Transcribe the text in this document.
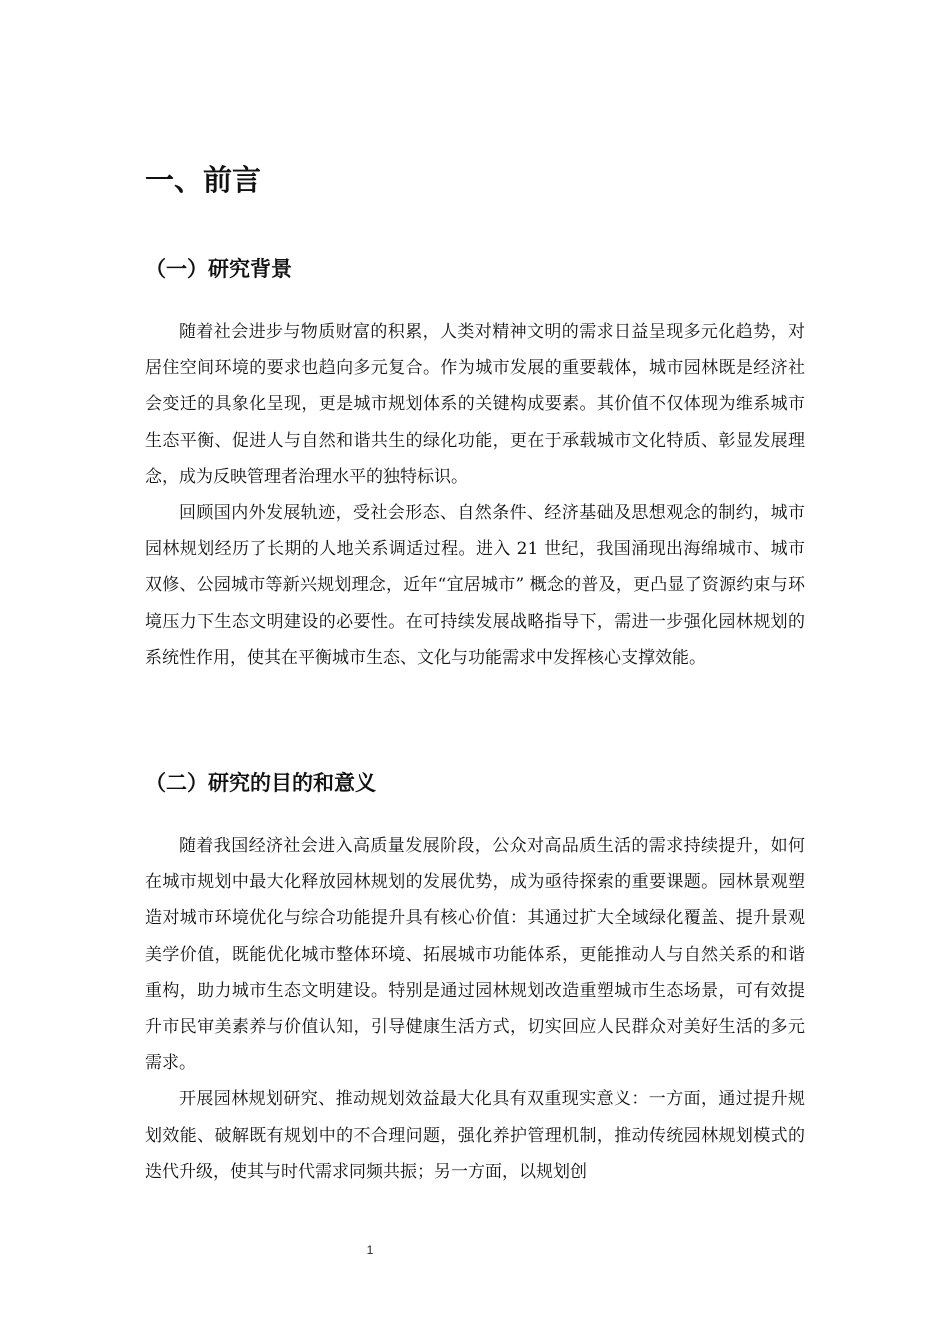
一、前言
（一）研究背景

随着社会进步与物质财富的积累，人类对精神文明的需求日益呈现多元化趋势，对居住空间环境的要求也趋向多元复合。作为城市发展的重要载体，城市园林既是经济社会变迁的具象化呈现，更是城市规划体系的关键构成要素。其价值不仅体现为维系城市生态平衡、促进人与自然和谐共生的绿化功能，更在于承载城市文化特质、彰显发展理念，成为反映管理者治理水平的独特标识。

回顾国内外发展轨迹，受社会形态、自然条件、经济基础及思想观念的制约，城市园林规划经历了长期的人地关系调适过程。进入 21 世纪，我国涌现出海绵城市、城市双修、公园城市等新兴规划理念，近年“宜居城市” 概念的普及，更凸显了资源约束与环境压力下生态文明建设的必要性。在可持续发展战略指导下，需进一步强化园林规划的系统性作用，使其在平衡城市生态、文化与功能需求中发挥核心支撑效能。

（二）研究的目的和意义

随着我国经济社会进入高质量发展阶段，公众对高品质生活的需求持续提升，如何在城市规划中最大化释放园林规划的发展优势，成为亟待探索的重要课题。园林景观塑造对城市环境优化与综合功能提升具有核心价值：其通过扩大全域绿化覆盖、提升景观美学价值，既能优化城市整体环境、拓展城市功能体系，更能推动人与自然关系的和谐重构，助力城市生态文明建设。特别是通过园林规划改造重塑城市生态场景，可有效提升市民审美素养与价值认知，引导健康生活方式，切实回应人民群众对美好生活的多元需求。

开展园林规划研究、推动规划效益最大化具有双重现实意义：一方面，通过提升规划效能、破解既有规划中的不合理问题，强化养护管理机制，推动传统园林规划模式的迭代升级，使其与时代需求同频共振；另一方面，以规划创

1
